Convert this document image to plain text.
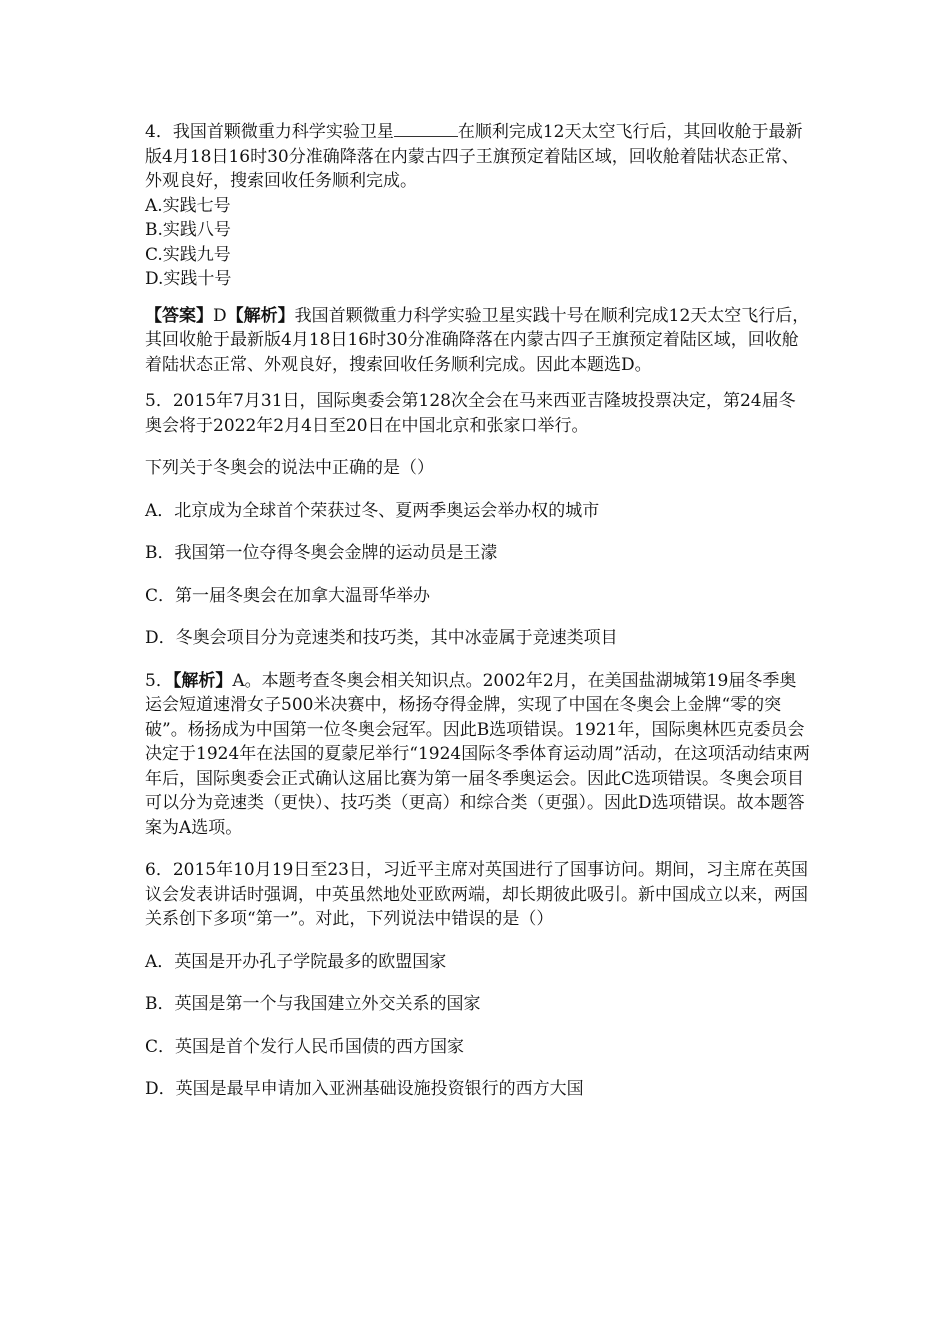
4．我国首颗微重力科学实验卫星	在顺利完成12天太空飞行后，其回收舱于最新版4月18日16时30分准确降落在内蒙古四子王旗预定着陆区域，回收舱着陆状态正常、外观良好，搜索回收任务顺利完成。

A.实践七号

B.实践八号

C.实践九号

D.实践十号

【答案】D【解析】我国首颗微重力科学实验卫星实践十号在顺利完成12天太空飞行后，其回收舱于最新版4月18日16时30分准确降落在内蒙古四子王旗预定着陆区域，回收舱着陆状态正常、外观良好，搜索回收任务顺利完成。因此本题选D。

5．2015年7月31日，国际奥委会第128次全会在马来西亚吉隆坡投票决定，第24届冬奥会将于2022年2月4日至20日在中国北京和张家口举行。

下列关于冬奥会的说法中正确的是（）

A．北京成为全球首个荣获过冬、夏两季奥运会举办权的城市

B．我国第一位夺得冬奥会金牌的运动员是王濛

C．第一届冬奥会在加拿大温哥华举办

D．冬奥会项目分为竞速类和技巧类，其中冰壶属于竞速类项目

5．【解析】A。本题考查冬奥会相关知识点。2002年2月，在美国盐湖城第19届冬季奥运会短道速滑女子500米决赛中，杨扬夺得金牌，实现了中国在冬奥会上金牌“零的突破”。杨扬成为中国第一位冬奥会冠军。因此B选项错误。1921年，国际奥林匹克委员会决定于1924年在法国的夏蒙尼举行“1924国际冬季体育运动周”活动，在这项活动结束两年后，国际奥委会正式确认这届比赛为第一届冬季奥运会。因此C选项错误。冬奥会项目可以分为竞速类（更快）、技巧类（更高）和综合类（更强）。因此D选项错误。故本题答案为A选项。

6．2015年10月19日至23日，习近平主席对英国进行了国事访问。期间，习主席在英国议会发表讲话时强调，中英虽然地处亚欧两端，却长期彼此吸引。新中国成立以来，两国关系创下多项“第一”。对此，下列说法中错误的是（）

A．英国是开办孔子学院最多的欧盟国家

B．英国是第一个与我国建立外交关系的国家

C．英国是首个发行人民币国债的西方国家

D．英国是最早申请加入亚洲基础设施投资银行的西方大国
